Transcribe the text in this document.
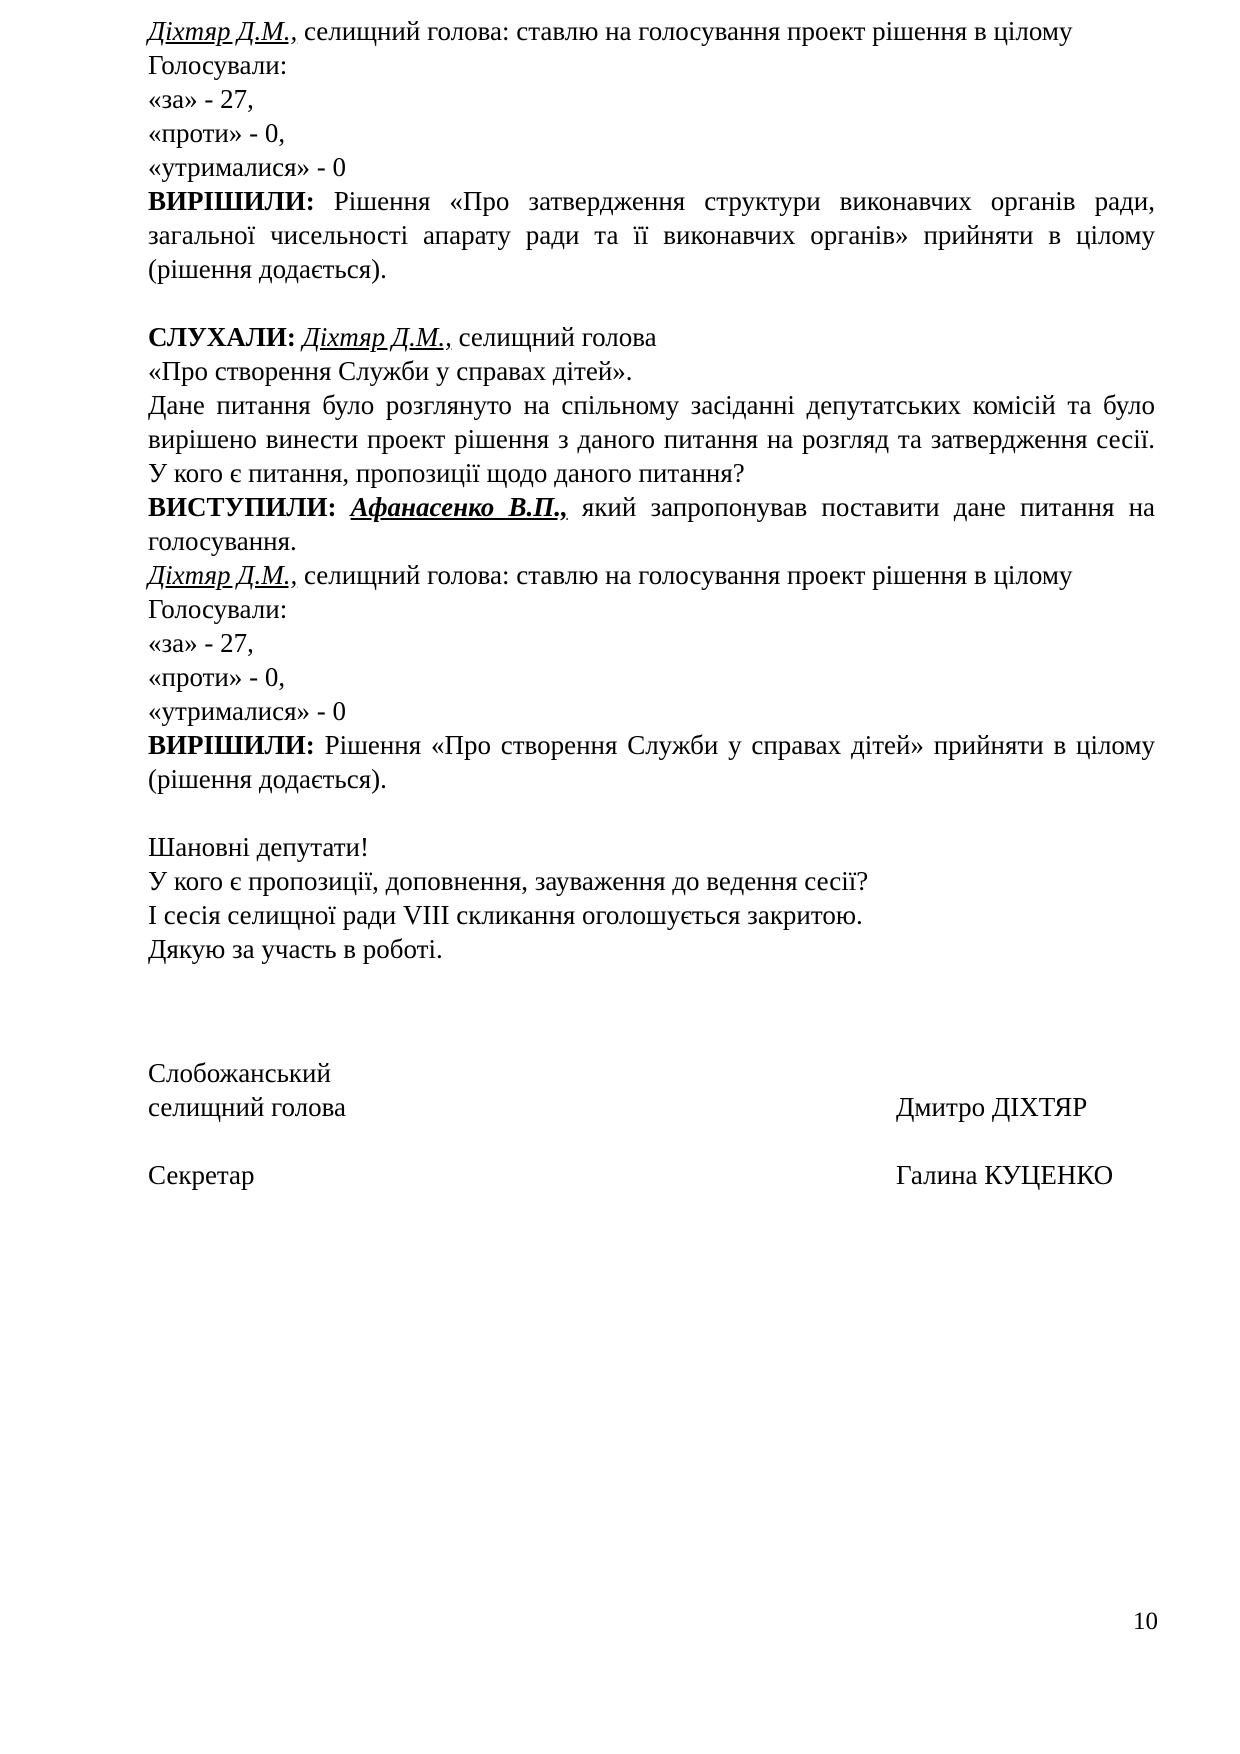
Діхтяр Д.М., селищний голова: ставлю на голосування проект рішення в цілому
Голосували:
«за» - 27,
«проти» - 0,
«утрималися» - 0
ВИРІШИЛИ: Рішення «Про затвердження структури виконавчих органів ради, загальної чисельності апарату ради та її виконавчих органів» прийняти в цілому (рішення додається).
СЛУХАЛИ: Діхтяр Д.М., селищний голова
«Про створення Служби у справах дітей».
Дане питання було розглянуто на спільному засіданні депутатських комісій та було вирішено винести проект рішення з даного питання на розгляд та затвердження сесії. У кого є питання, пропозиції щодо даного питання?
ВИСТУПИЛИ: Афанасенко В.П., який запропонував поставити дане питання на голосування.
Діхтяр Д.М., селищний голова: ставлю на голосування проект рішення в цілому
Голосували:
«за» - 27,
«проти» - 0,
«утрималися» - 0
ВИРІШИЛИ: Рішення «Про створення Служби у справах дітей» прийняти в цілому (рішення додається).
Шановні депутати!
У кого є пропозиції, доповнення, зауваження до ведення сесії?
І сесія селищної ради VIII скликання оголошується закритою.
Дякую за участь в роботі.
Слобожанський
селищний голова	Дмитро ДІХТЯР
Секретар	Галина КУЦЕНКО
10
